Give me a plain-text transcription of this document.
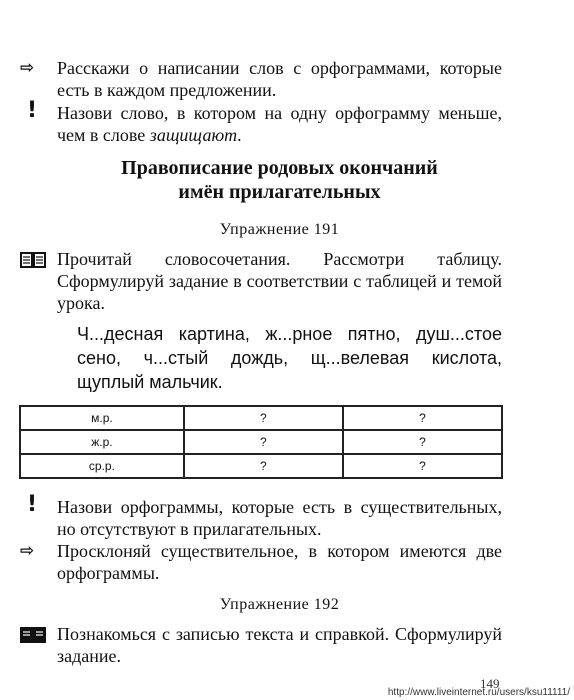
⇨ Расскажи о написании слов с орфограммами, которые есть в каждом предложении.
! Назови слово, в котором на одну орфограмму меньше, чем в слове защищают.
Правописание родовых окончаний
имён прилагательных
Упражнение 191
Прочитай словосочетания. Рассмотри таблицу. Сформулируй задание в соответствии с таблицей и темой урока.
Ч...десная картина, ж...рное пятно, душ...стое сено, ч...стый дождь, щ...велевая кислота, щуплый мальчик.
м.р.	?	?
ж.р.	?	?
ср.р.	?	?
! Назови орфограммы, которые есть в существительных, но отсутствуют в прилагательных.
⇨ Просклоняй существительное, в котором имеются две орфограммы.
Упражнение 192
Познакомься с записью текста и справкой. Сформулируй задание.
149
http://www.liveinternet.ru/users/ksu11111/
